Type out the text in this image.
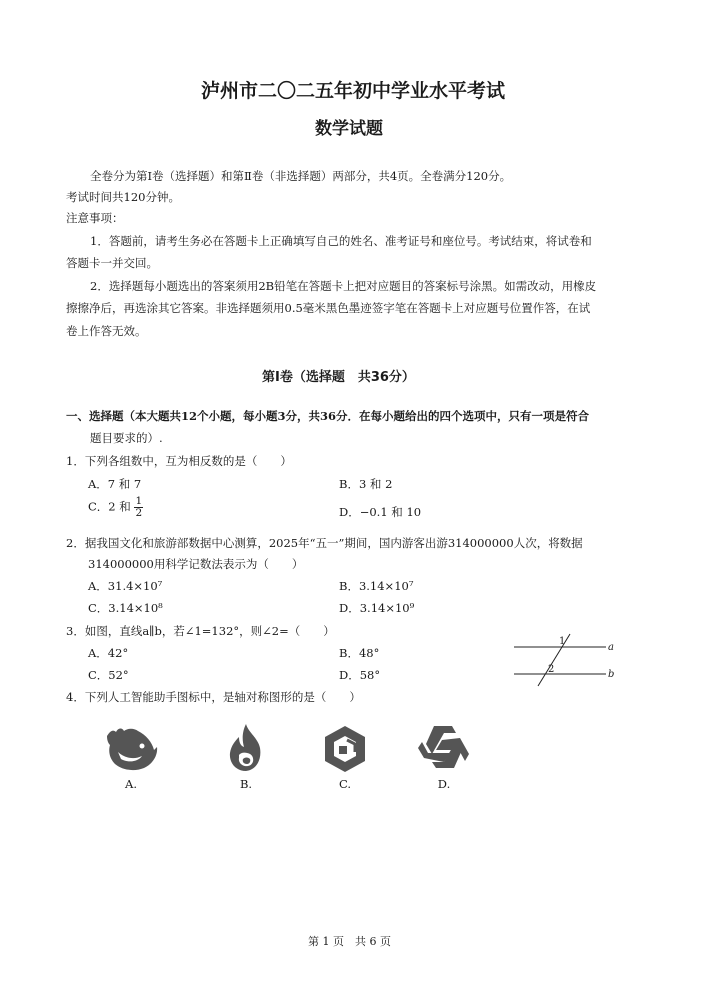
泸州市二〇二五年初中学业水平考试
数学试题
全卷分为第Ⅰ卷（选择题）和第Ⅱ卷（非选择题）两部分，共4页。全卷满分120分。
考试时间共120分钟。
注意事项：
1．答题前，请考生务必在答题卡上正确填写自己的姓名、准考证号和座位号。考试结束，将试卷和
答题卡一并交回。
2．选择题每小题选出的答案须用2B铅笔在答题卡上把对应题目的答案标号涂黑。如需改动，用橡皮
擦擦净后，再选涂其它答案。非选择题须用0.5毫米黑色墨迹签字笔在答题卡上对应题号位置作答，在试
卷上作答无效。
第Ⅰ卷（选择题　共36分）
一、选择题（本大题共12个小题，每小题3分，共36分．在每小题给出的四个选项中，只有一项是符合
题目要求的）.
1．下列各组数中，互为相反数的是（　　）
A．7 和 7	B．3 和 2
C．2 和 $\frac{1}{2}$	D．−0.1 和 10
2．据我国文化和旅游部数据中心测算，2025年“五一”期间，国内游客出游314000000人次，将数据
314000000用科学记数法表示为（　　）
A．31.4×10⁷	B．3.14×10⁷
C．3.14×10⁸	D．3.14×10⁹
3．如图，直线a∥b，若∠1=132°，则∠2=（　　）
A．42°	B．48°
C．52°	D．58°
1
2
a
b
4．下列人工智能助手图标中，是轴对称图形的是（　　）
A.	B.	C.	D.
第 1 页　共 6 页
